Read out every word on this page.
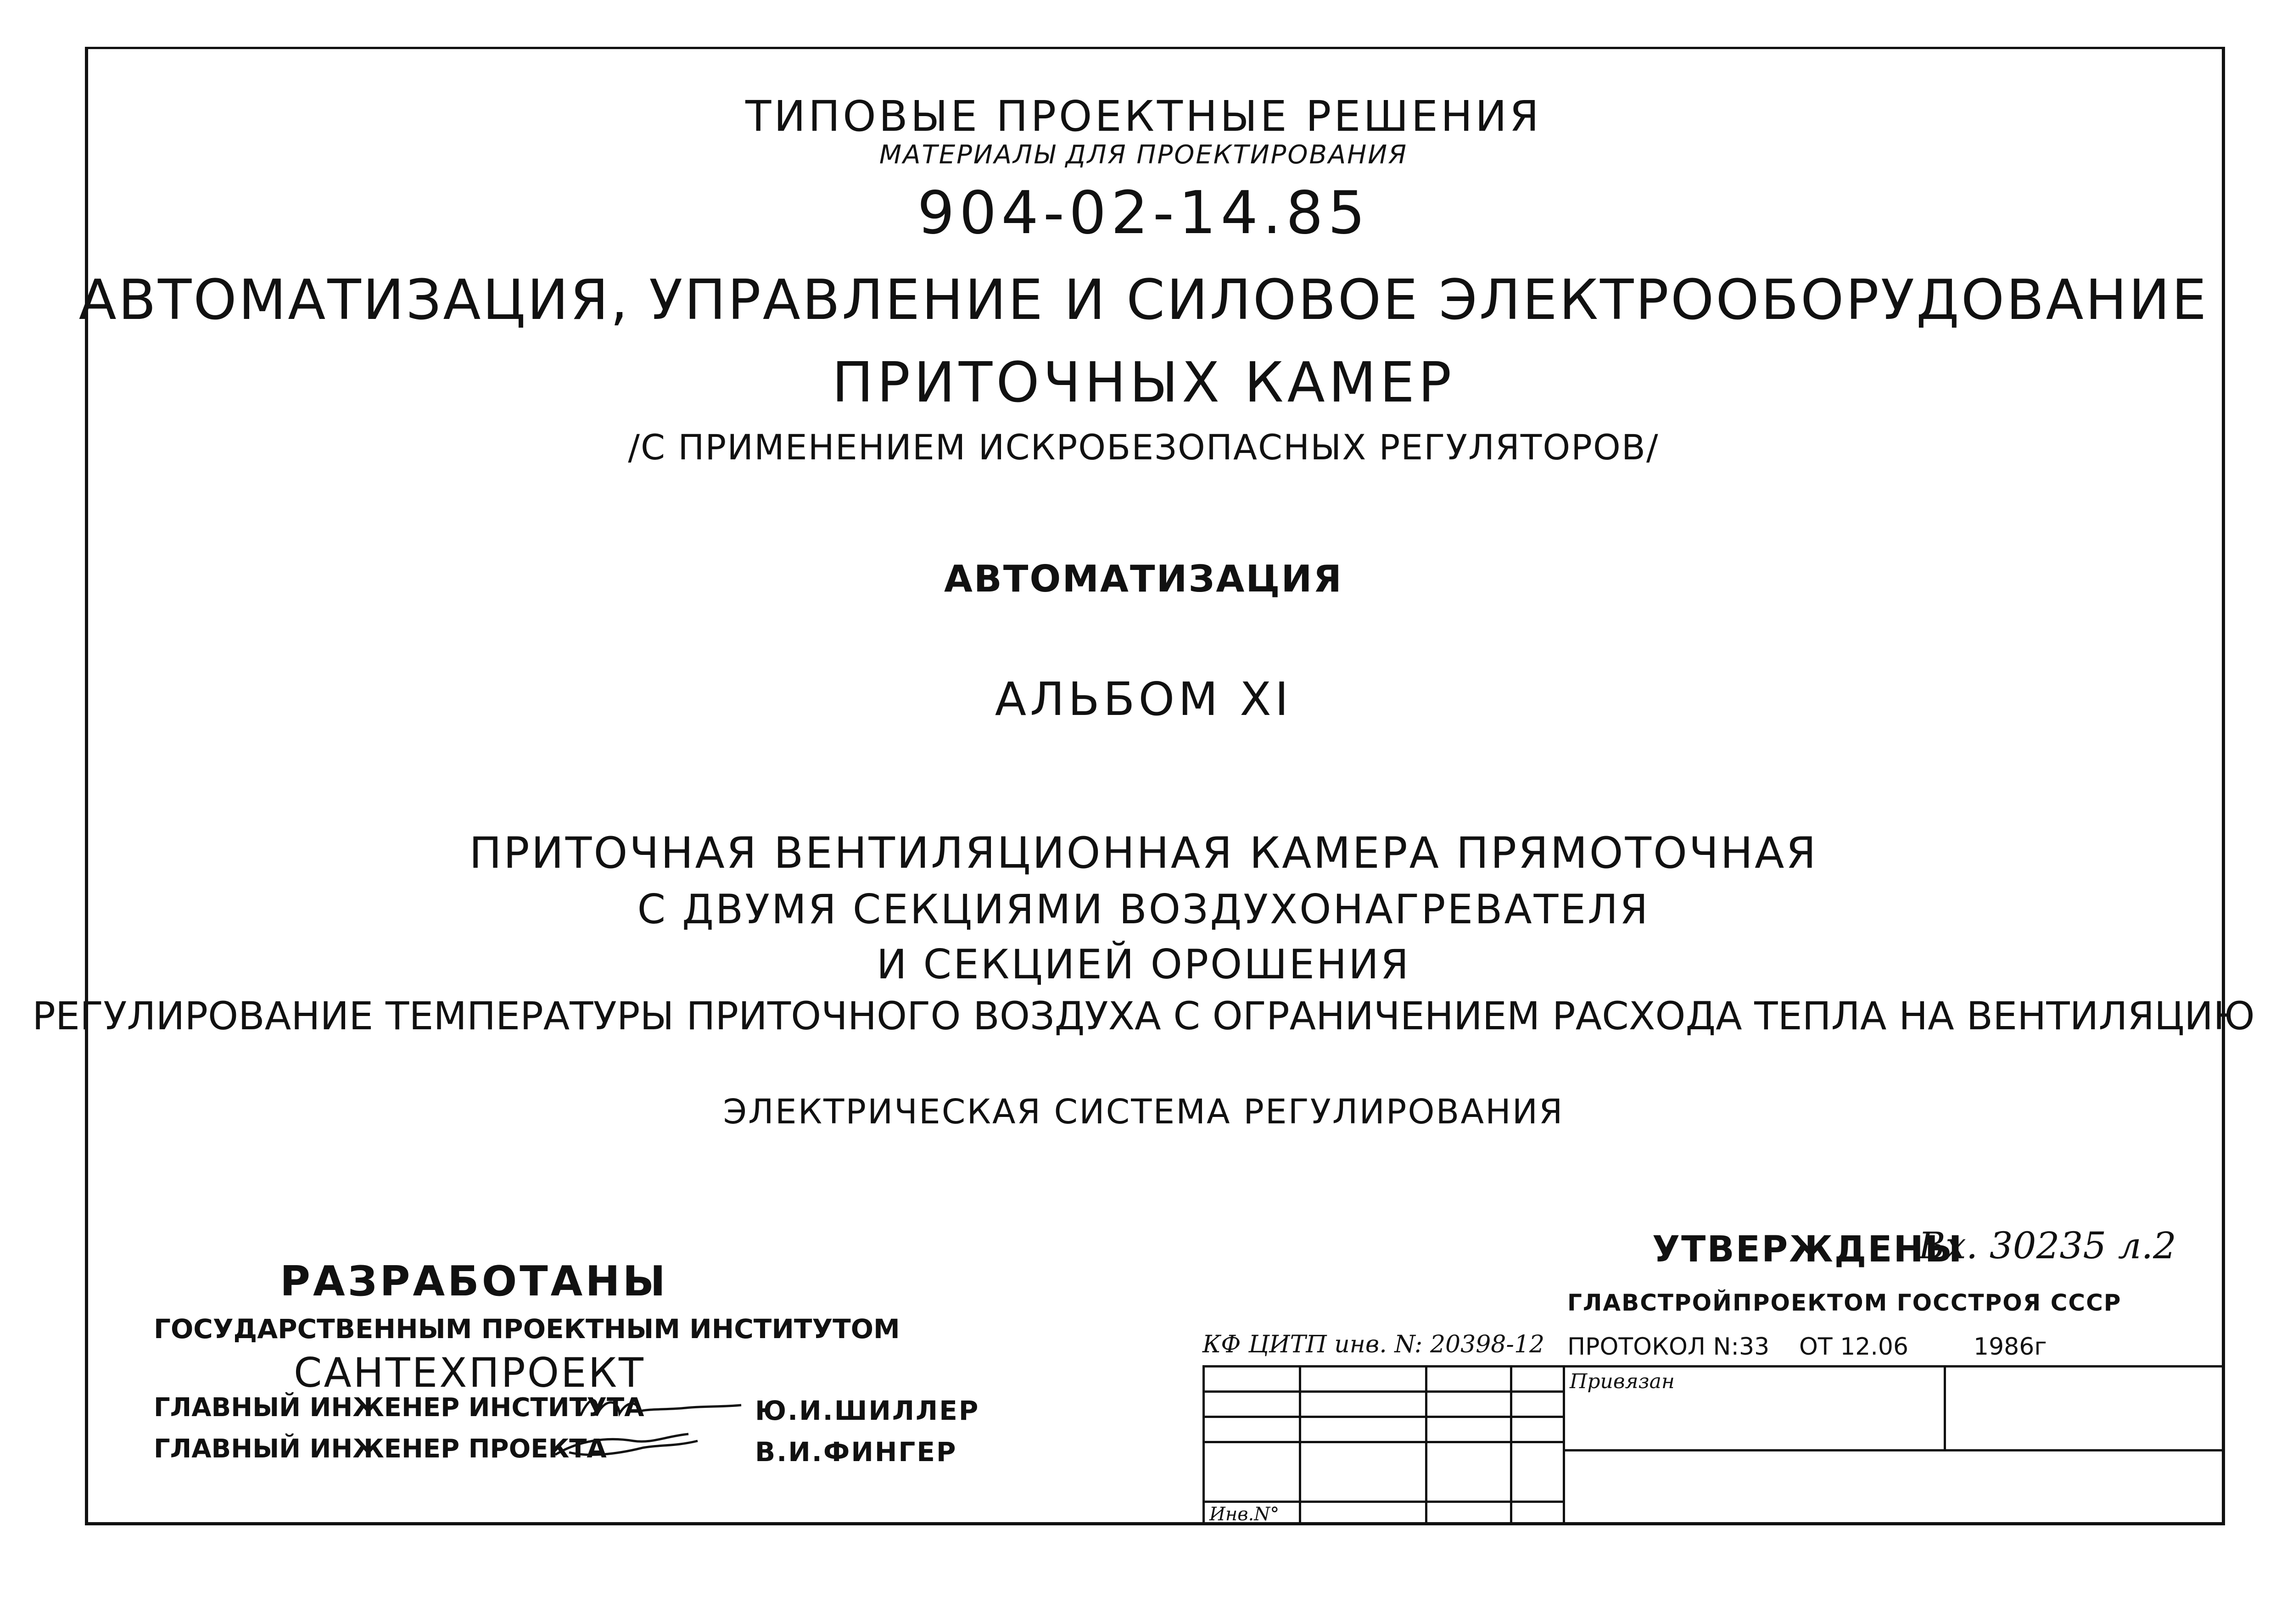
ТИПОВЫЕ ПРОЕКТНЫЕ РЕШЕНИЯ
МАТЕРИАЛЫ ДЛЯ ПРОЕКТИРОВАНИЯ
904-02-14.85
АВТОМАТИЗАЦИЯ, УПРАВЛЕНИЕ И СИЛОВОЕ ЭЛЕКТРООБОРУДОВАНИЕ
ПРИТОЧНЫХ КАМЕР
/С ПРИМЕНЕНИЕМ ИСКРОБЕЗОПАСНЫХ РЕГУЛЯТОРОВ/
АВТОМАТИЗАЦИЯ
АЛЬБОМ XI
ПРИТОЧНАЯ ВЕНТИЛЯЦИОННАЯ КАМЕРА ПРЯМОТОЧНАЯ
С ДВУМЯ СЕКЦИЯМИ ВОЗДУХОНАГРЕВАТЕЛЯ
И СЕКЦИЕЙ ОРОШЕНИЯ
РЕГУЛИРОВАНИЕ ТЕМПЕРАТУРЫ ПРИТОЧНОГО ВОЗДУХА С ОГРАНИЧЕНИЕМ РАСХОДА ТЕПЛА НА ВЕНТИЛЯЦИЮ
ЭЛЕКТРИЧЕСКАЯ СИСТЕМА РЕГУЛИРОВАНИЯ
РАЗРАБОТАНЫ
ГОСУДАРСТВЕННЫМ ПРОЕКТНЫМ ИНСТИТУТОМ
САНТЕХПРОЕКТ
ГЛАВНЫЙ ИНЖЕНЕР ИНСТИТУТА	Ю.И.ШИЛЛЕР
ГЛАВНЫЙ ИНЖЕНЕР ПРОЕКТА	В.И.ФИНГЕР
УТВЕРЖДЕНЫ
Вх. 30235 л.2
ГЛАВСТРОЙПРОЕКТОМ ГОССТРОЯ СССР
ПРОТОКОЛ N:33 ОТ 12.06	1986г
КФ ЦИТП инв. N: 20398-12
Привязан
Инв.N°
